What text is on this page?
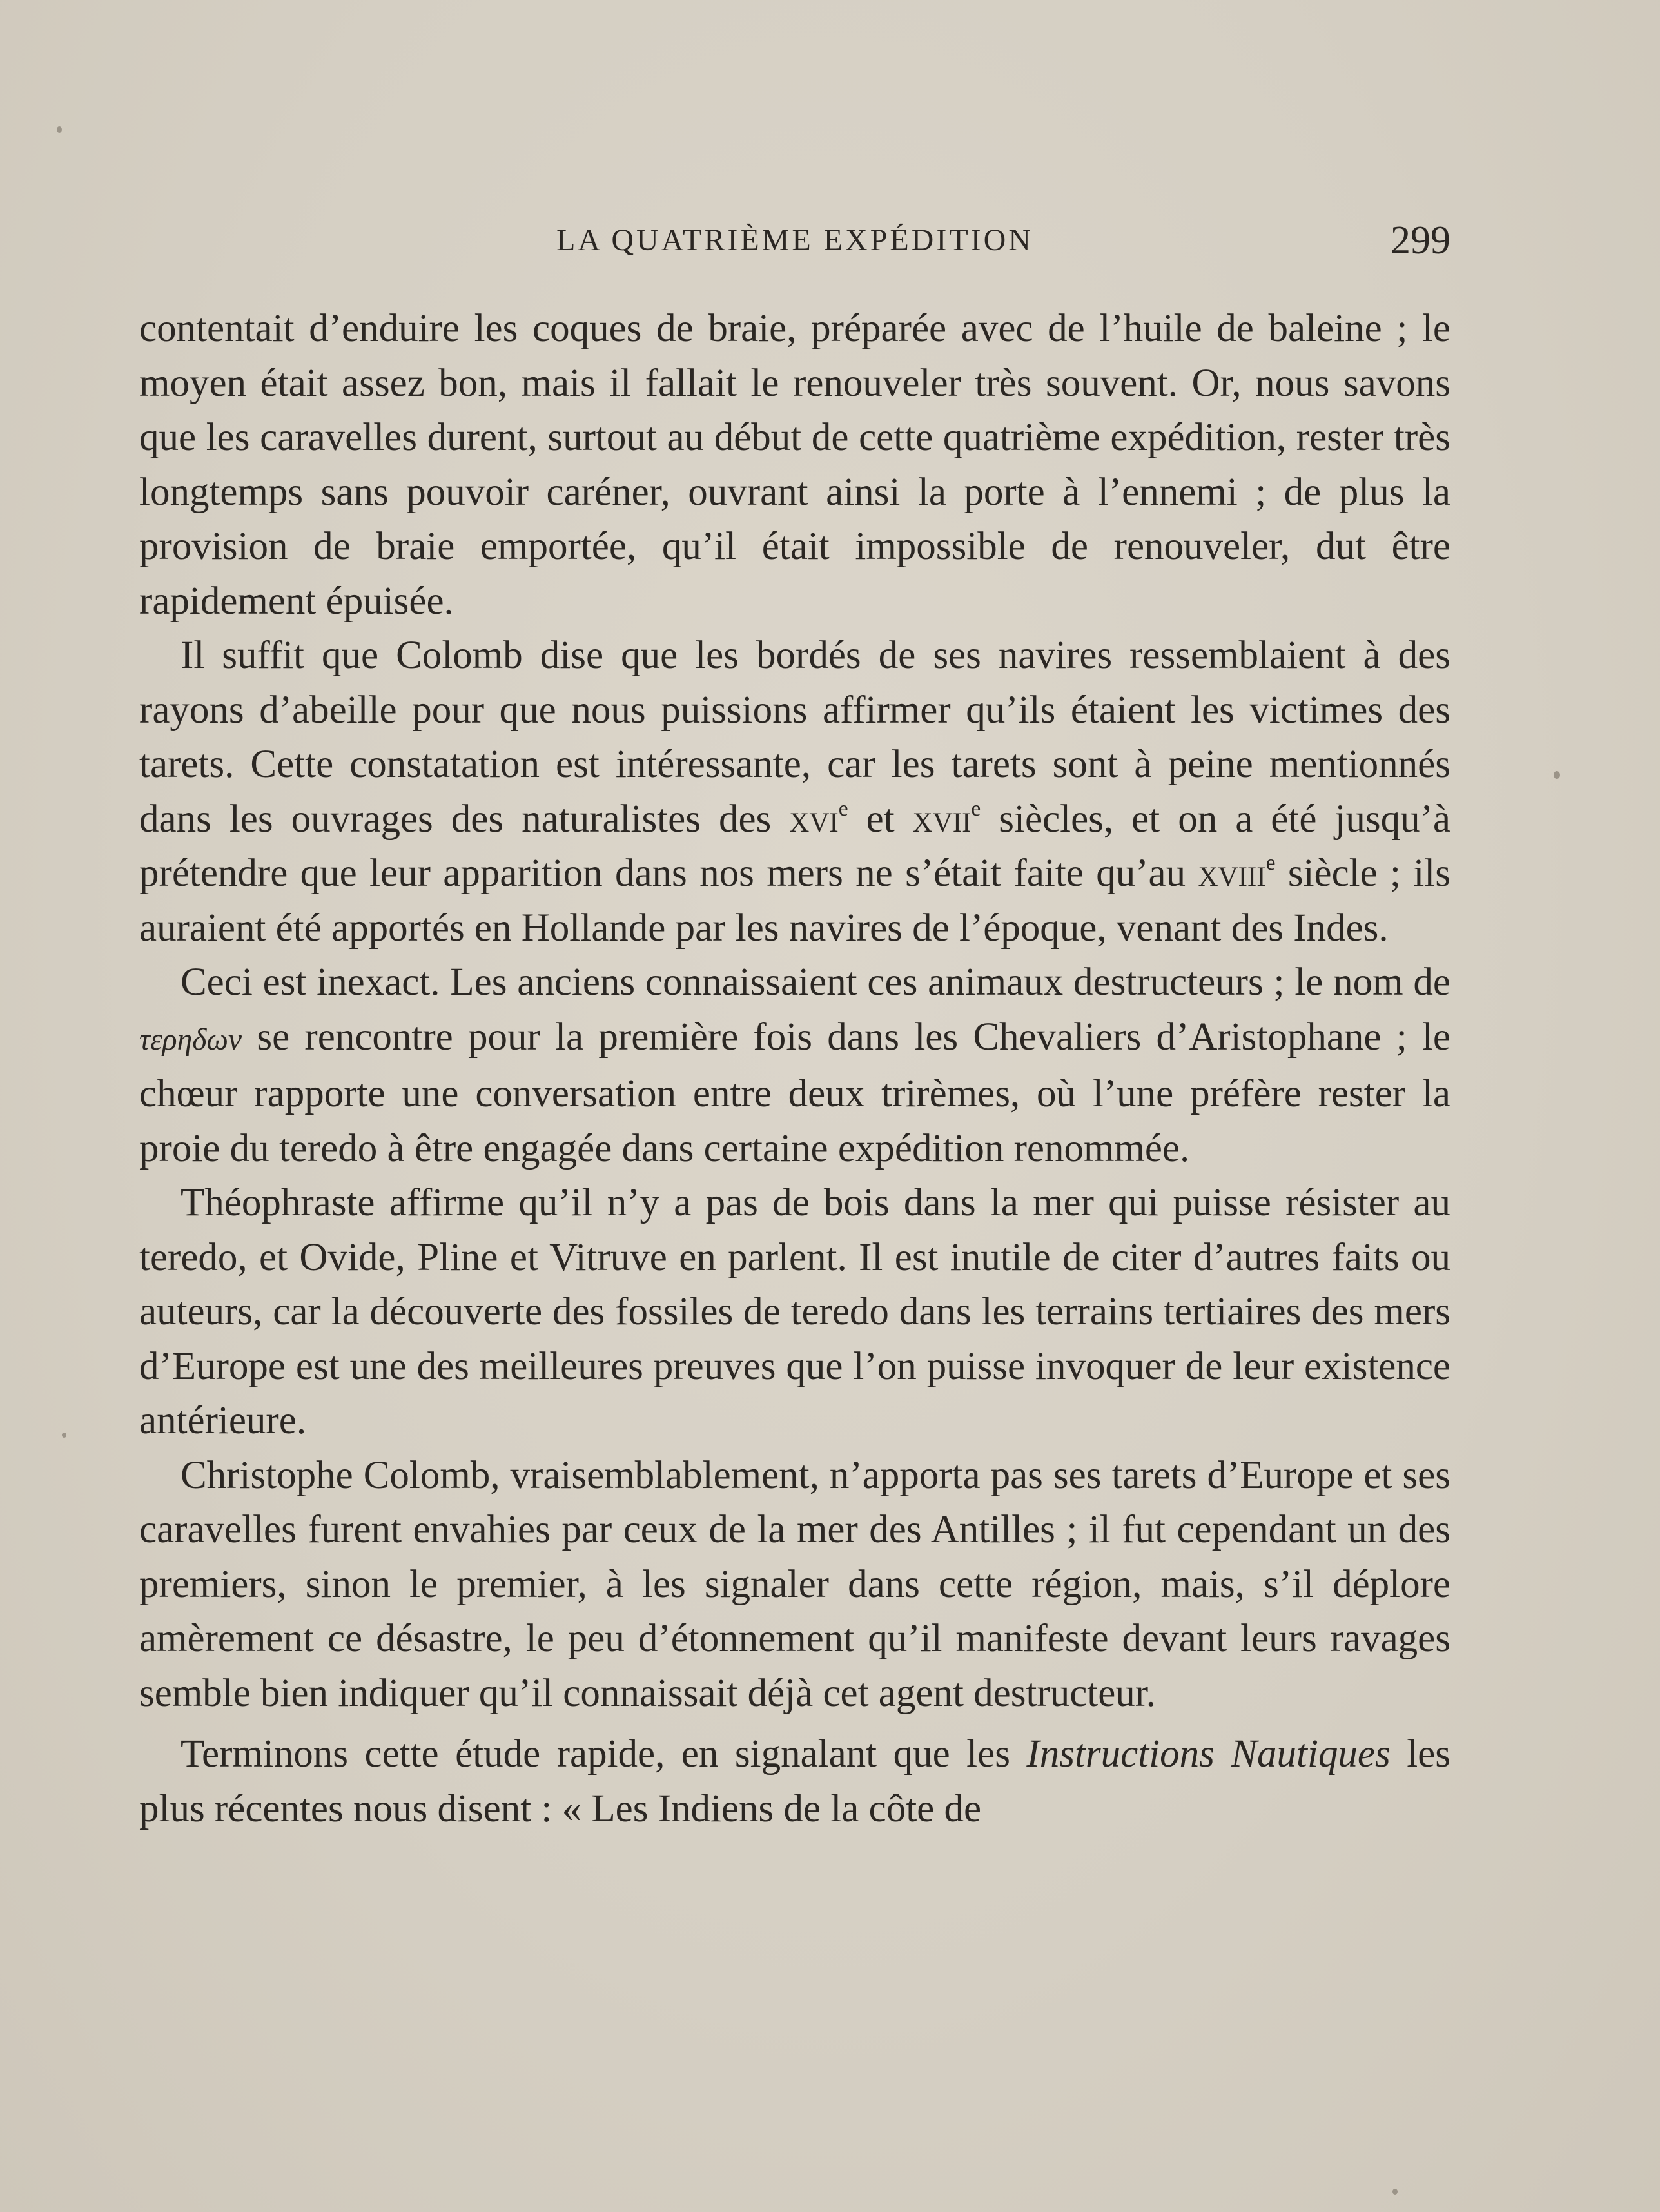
LA QUATRIÈME EXPÉDITION	299

contentait d’enduire les coques de braie, préparée avec de l’huile de baleine ; le moyen était assez bon, mais il fallait le renouveler très souvent. Or, nous savons que les caravelles durent, surtout au début de cette quatrième expédition, rester très longtemps sans pouvoir caréner, ouvrant ainsi la porte à l’ennemi ; de plus la provision de braie emportée, qu’il était impossible de renouveler, dut être rapidement épuisée.

Il suffit que Colomb dise que les bordés de ses navires ressemblaient à des rayons d’abeille pour que nous puissions affirmer qu’ils étaient les victimes des tarets. Cette constatation est intéressante, car les tarets sont à peine mentionnés dans les ouvrages des naturalistes des xvi$^e$ et xvii$^e$ siècles, et on a été jusqu’à prétendre que leur apparition dans nos mers ne s’était faite qu’au xviii$^e$ siècle ; ils auraient été apportés en Hollande par les navires de l’époque, venant des Indes.

Ceci est inexact. Les anciens connaissaient ces animaux destructeurs ; le nom de τερηδων se rencontre pour la première fois dans les Chevaliers d’Aristophane ; le chœur rapporte une conversation entre deux trirèmes, où l’une préfère rester la proie du teredo à être engagée dans certaine expédition renommée.

Théophraste affirme qu’il n’y a pas de bois dans la mer qui puisse résister au teredo, et Ovide, Pline et Vitruve en parlent. Il est inutile de citer d’autres faits ou auteurs, car la découverte des fossiles de teredo dans les terrains tertiaires des mers d’Europe est une des meilleures preuves que l’on puisse invoquer de leur existence antérieure.

Christophe Colomb, vraisemblablement, n’apporta pas ses tarets d’Europe et ses caravelles furent envahies par ceux de la mer des Antilles ; il fut cependant un des premiers, sinon le premier, à les signaler dans cette région, mais, s’il déplore amèrement ce désastre, le peu d’étonnement qu’il manifeste devant leurs ravages semble bien indiquer qu’il connaissait déjà cet agent destructeur.

Terminons cette étude rapide, en signalant que les Instructions Nautiques les plus récentes nous disent : « Les Indiens de la côte de
